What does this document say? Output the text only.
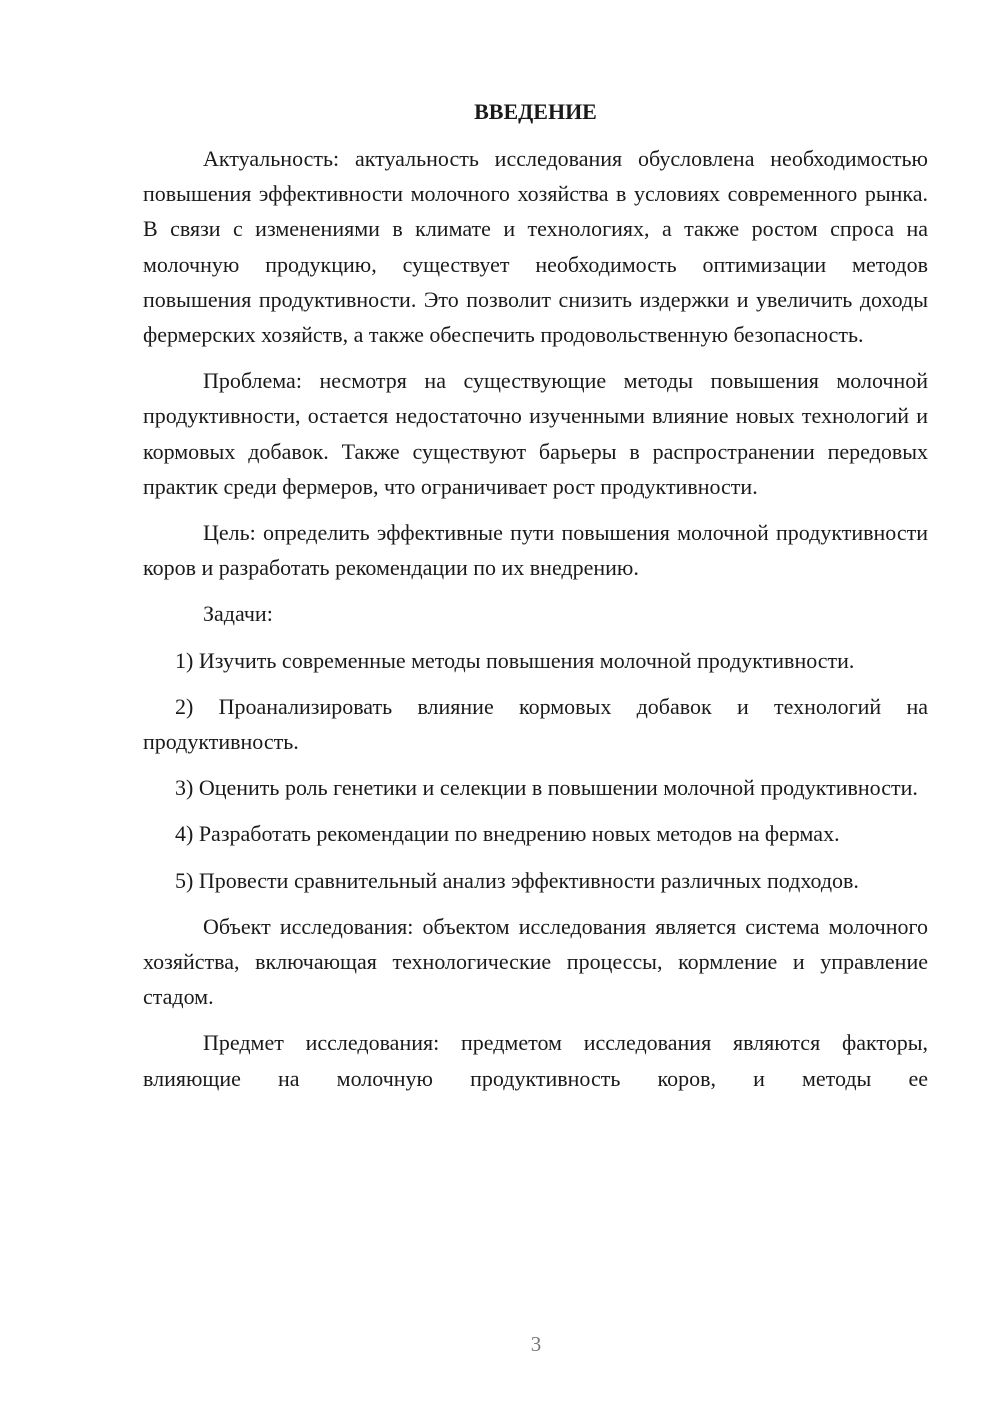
ВВЕДЕНИЕ

Актуальность: актуальность исследования обусловлена необходимостью повышения эффективности молочного хозяйства в условиях современного рынка. В связи с изменениями в климате и технологиях, а также ростом спроса на молочную продукцию, существует необходимость оптимизации методов повышения продуктивности. Это позволит снизить издержки и увеличить доходы фермерских хозяйств, а также обеспечить продовольственную безопасность.

Проблема: несмотря на существующие методы повышения молочной продуктивности, остается недостаточно изученными влияние новых технологий и кормовых добавок. Также существуют барьеры в распространении передовых практик среди фермеров, что ограничивает рост продуктивности.

Цель: определить эффективные пути повышения молочной продуктивности коров и разработать рекомендации по их внедрению.

Задачи:

1) Изучить современные методы повышения молочной продуктивности.

2) Проанализировать влияние кормовых добавок и технологий на продуктивность.

3) Оценить роль генетики и селекции в повышении молочной продуктивности.

4) Разработать рекомендации по внедрению новых методов на фермах.

5) Провести сравнительный анализ эффективности различных подходов.

Объект исследования: объектом исследования является система молочного хозяйства, включающая технологические процессы, кормление и управление стадом.

Предмет исследования: предметом исследования являются факторы, влияющие на молочную продуктивность коров, и методы ее

3
